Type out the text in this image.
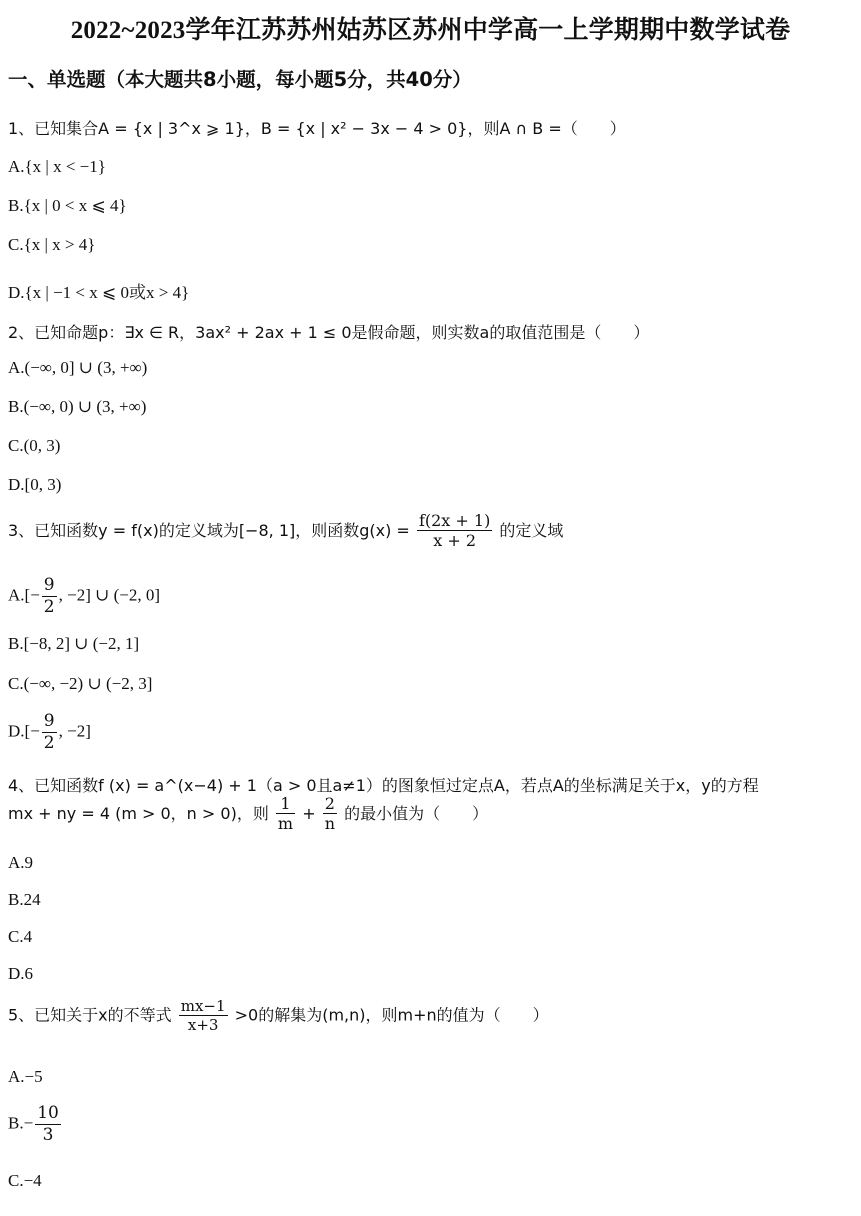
2022~2023学年江苏苏州姑苏区苏州中学高一上学期期中数学试卷
一、单选题（本大题共8小题，每小题5分，共40分）
1、已知集合A = {x | 3^x ⩾ 1}，B = {x | x² − 3x − 4 > 0}，则A ∩ B =（　　）
A.{x | x < −1}
B.{x | 0 < x ⩽ 4}
C.{x | x > 4}
D.{x | −1 < x ⩽ 0或x > 4}
2、已知命题p：∃x ∈ R，3ax² + 2ax + 1 ≤ 0是假命题，则实数a的取值范围是（　　）
A.(−∞, 0] ∪ (3, +∞)
B.(−∞, 0) ∪ (3, +∞)
C.(0, 3)
D.[0, 3)
3、已知函数y = f(x)的定义域为[−8, 1]，则函数$g(x) = \frac{f(2x + 1)}{x + 2}$ 的定义域
$A.[- \frac{9}{2}$ , −2] ∪ (−2, 0]
B.[−8, 2] ∪ (−2, 1]
C.(−∞, −2) ∪ (−2, 3]
$D.[- \frac{9}{2}$ , −2]
4、已知函数f (x) = a^(x−4) + 1（a > 0且a≠1）的图象恒过定点A，若点A的坐标满足关于x，y的方程
mx + ny = 4 (m > 0，n > 0)，则 $\frac{1}{m} + \frac{2}{n}$ 的最小值为（　　）
A.9
B.24
C.4
D.6
5、已知关于x的不等式 $\frac{mx-1}{x+3} >0$的解集为(m,n)，则m+n的值为（　　）
A.−5
$B.- \frac{10}{3}$
C.−4
